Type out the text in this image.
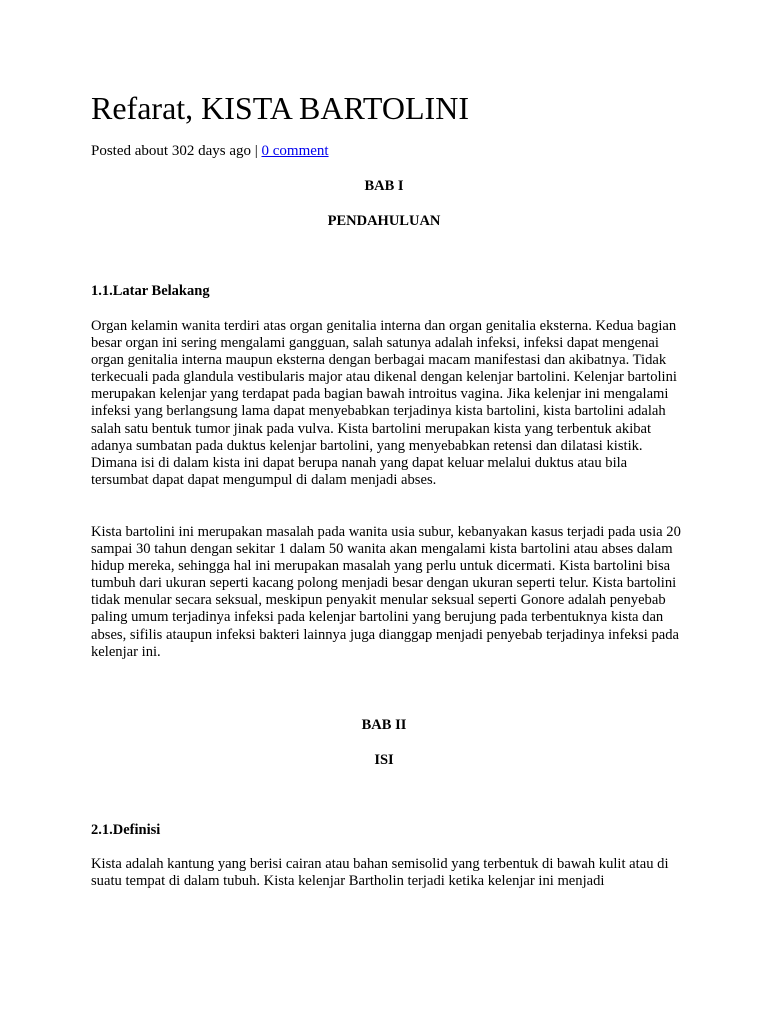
Refarat, KISTA BARTOLINI
Posted about 302 days ago | 0 comment
BAB I
PENDAHULUAN
1.1.Latar Belakang

Organ kelamin wanita terdiri atas organ genitalia interna dan organ genitalia eksterna. Kedua bagian besar organ ini sering mengalami gangguan, salah satunya adalah infeksi, infeksi dapat mengenai organ genitalia interna maupun eksterna dengan berbagai macam manifestasi dan akibatnya. Tidak terkecuali pada glandula vestibularis major atau dikenal dengan kelenjar bartolini. Kelenjar bartolini merupakan kelenjar yang terdapat pada bagian bawah introitus vagina. Jika kelenjar ini mengalami infeksi yang berlangsung lama dapat menyebabkan terjadinya kista bartolini, kista bartolini adalah salah satu bentuk tumor jinak pada vulva. Kista bartolini merupakan kista yang terbentuk akibat adanya sumbatan pada duktus kelenjar bartolini, yang menyebabkan retensi dan dilatasi kistik. Dimana isi di dalam kista ini dapat berupa nanah yang dapat keluar melalui duktus atau bila tersumbat dapat dapat mengumpul di dalam menjadi abses.

Kista bartolini ini merupakan masalah pada wanita usia subur, kebanyakan kasus terjadi pada usia 20 sampai 30 tahun dengan sekitar 1 dalam 50 wanita akan mengalami kista bartolini atau abses dalam hidup mereka, sehingga hal ini merupakan masalah yang perlu untuk dicermati. Kista bartolini bisa tumbuh dari ukuran seperti kacang polong menjadi besar dengan ukuran seperti telur. Kista bartolini tidak menular secara seksual, meskipun penyakit menular seksual seperti Gonore adalah penyebab paling umum terjadinya infeksi pada kelenjar bartolini yang berujung pada terbentuknya kista dan abses, sifilis ataupun infeksi bakteri lainnya juga dianggap menjadi penyebab terjadinya infeksi pada kelenjar ini.

BAB II
ISI
2.1.Definisi

Kista adalah kantung yang berisi cairan atau bahan semisolid yang terbentuk di bawah kulit atau di suatu tempat di dalam tubuh. Kista kelenjar Bartholin terjadi ketika kelenjar ini menjadi
